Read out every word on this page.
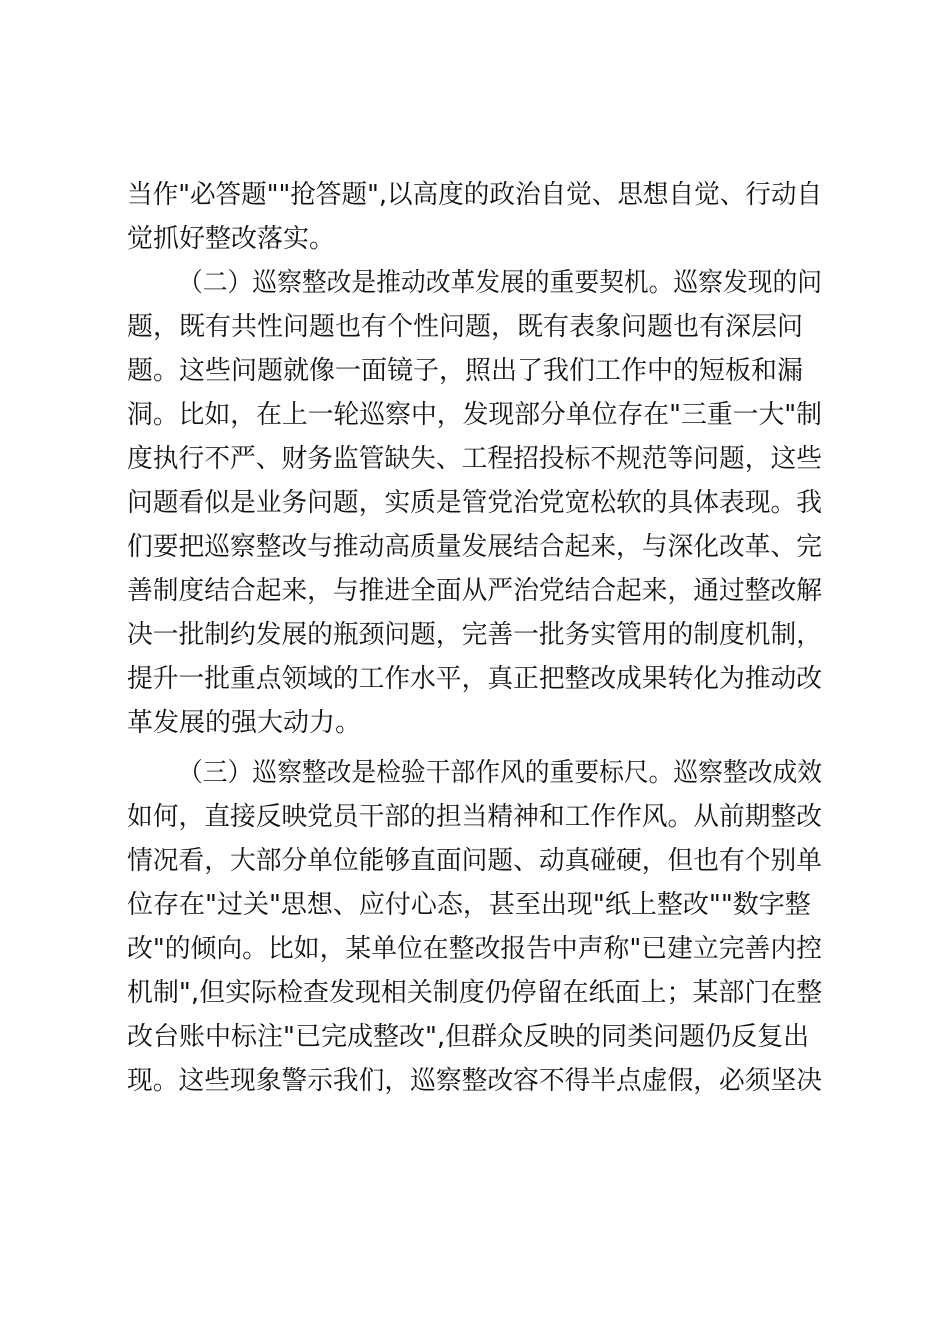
当作"必答题""抢答题",以高度的政治自觉、思想自觉、行动自
觉抓好整改落实。
（二）巡察整改是推动改革发展的重要契机。巡察发现的问
题，既有共性问题也有个性问题，既有表象问题也有深层问
题。这些问题就像一面镜子，照出了我们工作中的短板和漏
洞。比如，在上一轮巡察中，发现部分单位存在"三重一大"制
度执行不严、财务监管缺失、工程招投标不规范等问题，这些
问题看似是业务问题，实质是管党治党宽松软的具体表现。我
们要把巡察整改与推动高质量发展结合起来，与深化改革、完
善制度结合起来，与推进全面从严治党结合起来，通过整改解
决一批制约发展的瓶颈问题，完善一批务实管用的制度机制，
提升一批重点领域的工作水平，真正把整改成果转化为推动改
革发展的强大动力。
（三）巡察整改是检验干部作风的重要标尺。巡察整改成效
如何，直接反映党员干部的担当精神和工作作风。从前期整改
情况看，大部分单位能够直面问题、动真碰硬，但也有个别单
位存在"过关"思想、应付心态，甚至出现"纸上整改""数字整
改"的倾向。比如，某单位在整改报告中声称"已建立完善内控
机制",但实际检查发现相关制度仍停留在纸面上；某部门在整
改台账中标注"已完成整改",但群众反映的同类问题仍反复出
现。这些现象警示我们，巡察整改容不得半点虚假，必须坚决
